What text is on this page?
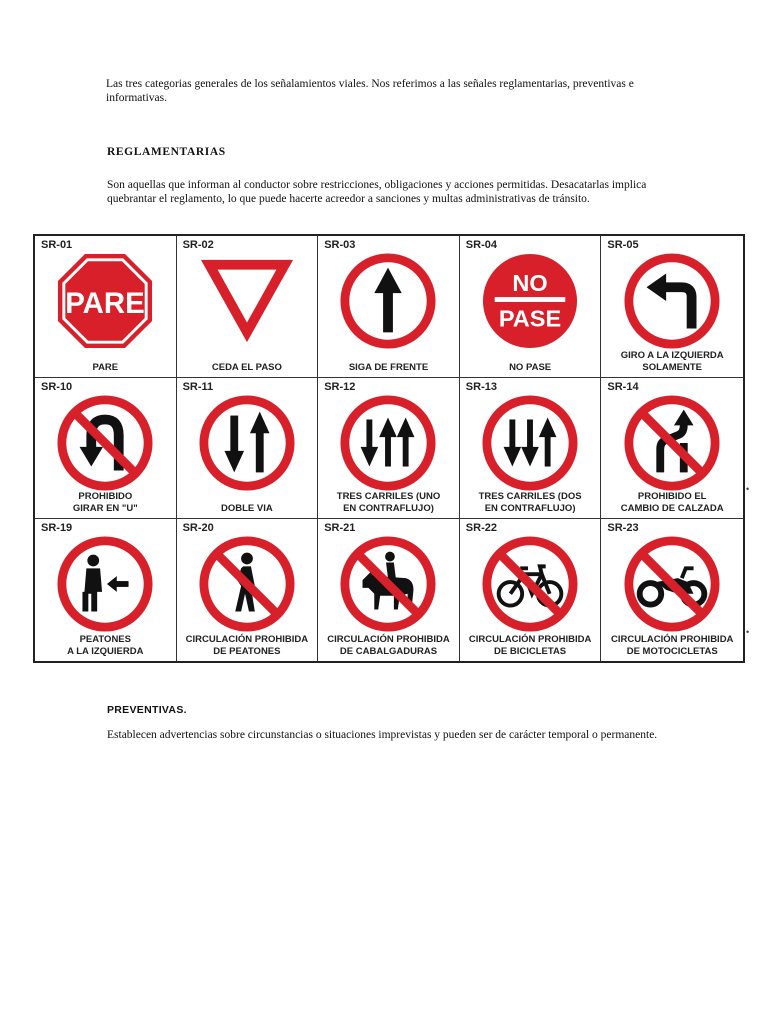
Las tres categorias generales de los señalamientos viales. Nos referimos a las señales reglamentarias, preventivas e informativas.

REGLAMENTARIAS

Son aquellas que informan al conductor sobre restricciones, obligaciones y acciones permitidas. Desacatarlas implica quebrantar el reglamento, lo que puede hacerte acreedor a sanciones y multas administrativas de tránsito.

SR-01
PARE
PARE
SR-02
CEDA EL PASO
SR-03
SIGA DE FRENTE
SR-04
NO
PASE
NO PASE
SR-05
GIRO A LA IZQUIERDA
SOLAMENTE
SR-10
PROHIBIDO
GIRAR EN "U"
SR-11
DOBLE VIA
SR-12
TRES CARRILES (UNO
EN CONTRAFLUJO)
SR-13
TRES CARRILES (DOS
EN CONTRAFLUJO)
SR-14
PROHIBIDO EL
CAMBIO DE CALZADA
SR-19
PEATONES
A LA IZQUIERDA
SR-20
CIRCULACIÓN PROHIBIDA
DE PEATONES
SR-21
CIRCULACIÓN PROHIBIDA
DE CABALGADURAS
SR-22
CIRCULACIÓN PROHIBIDA
DE BICICLETAS
SR-23
CIRCULACIÓN PROHIBIDA
DE MOTOCICLETAS
•
•

PREVENTIVAS.

Establecen advertencias sobre circunstancias o situaciones imprevistas y pueden ser de carácter temporal o permanente.
